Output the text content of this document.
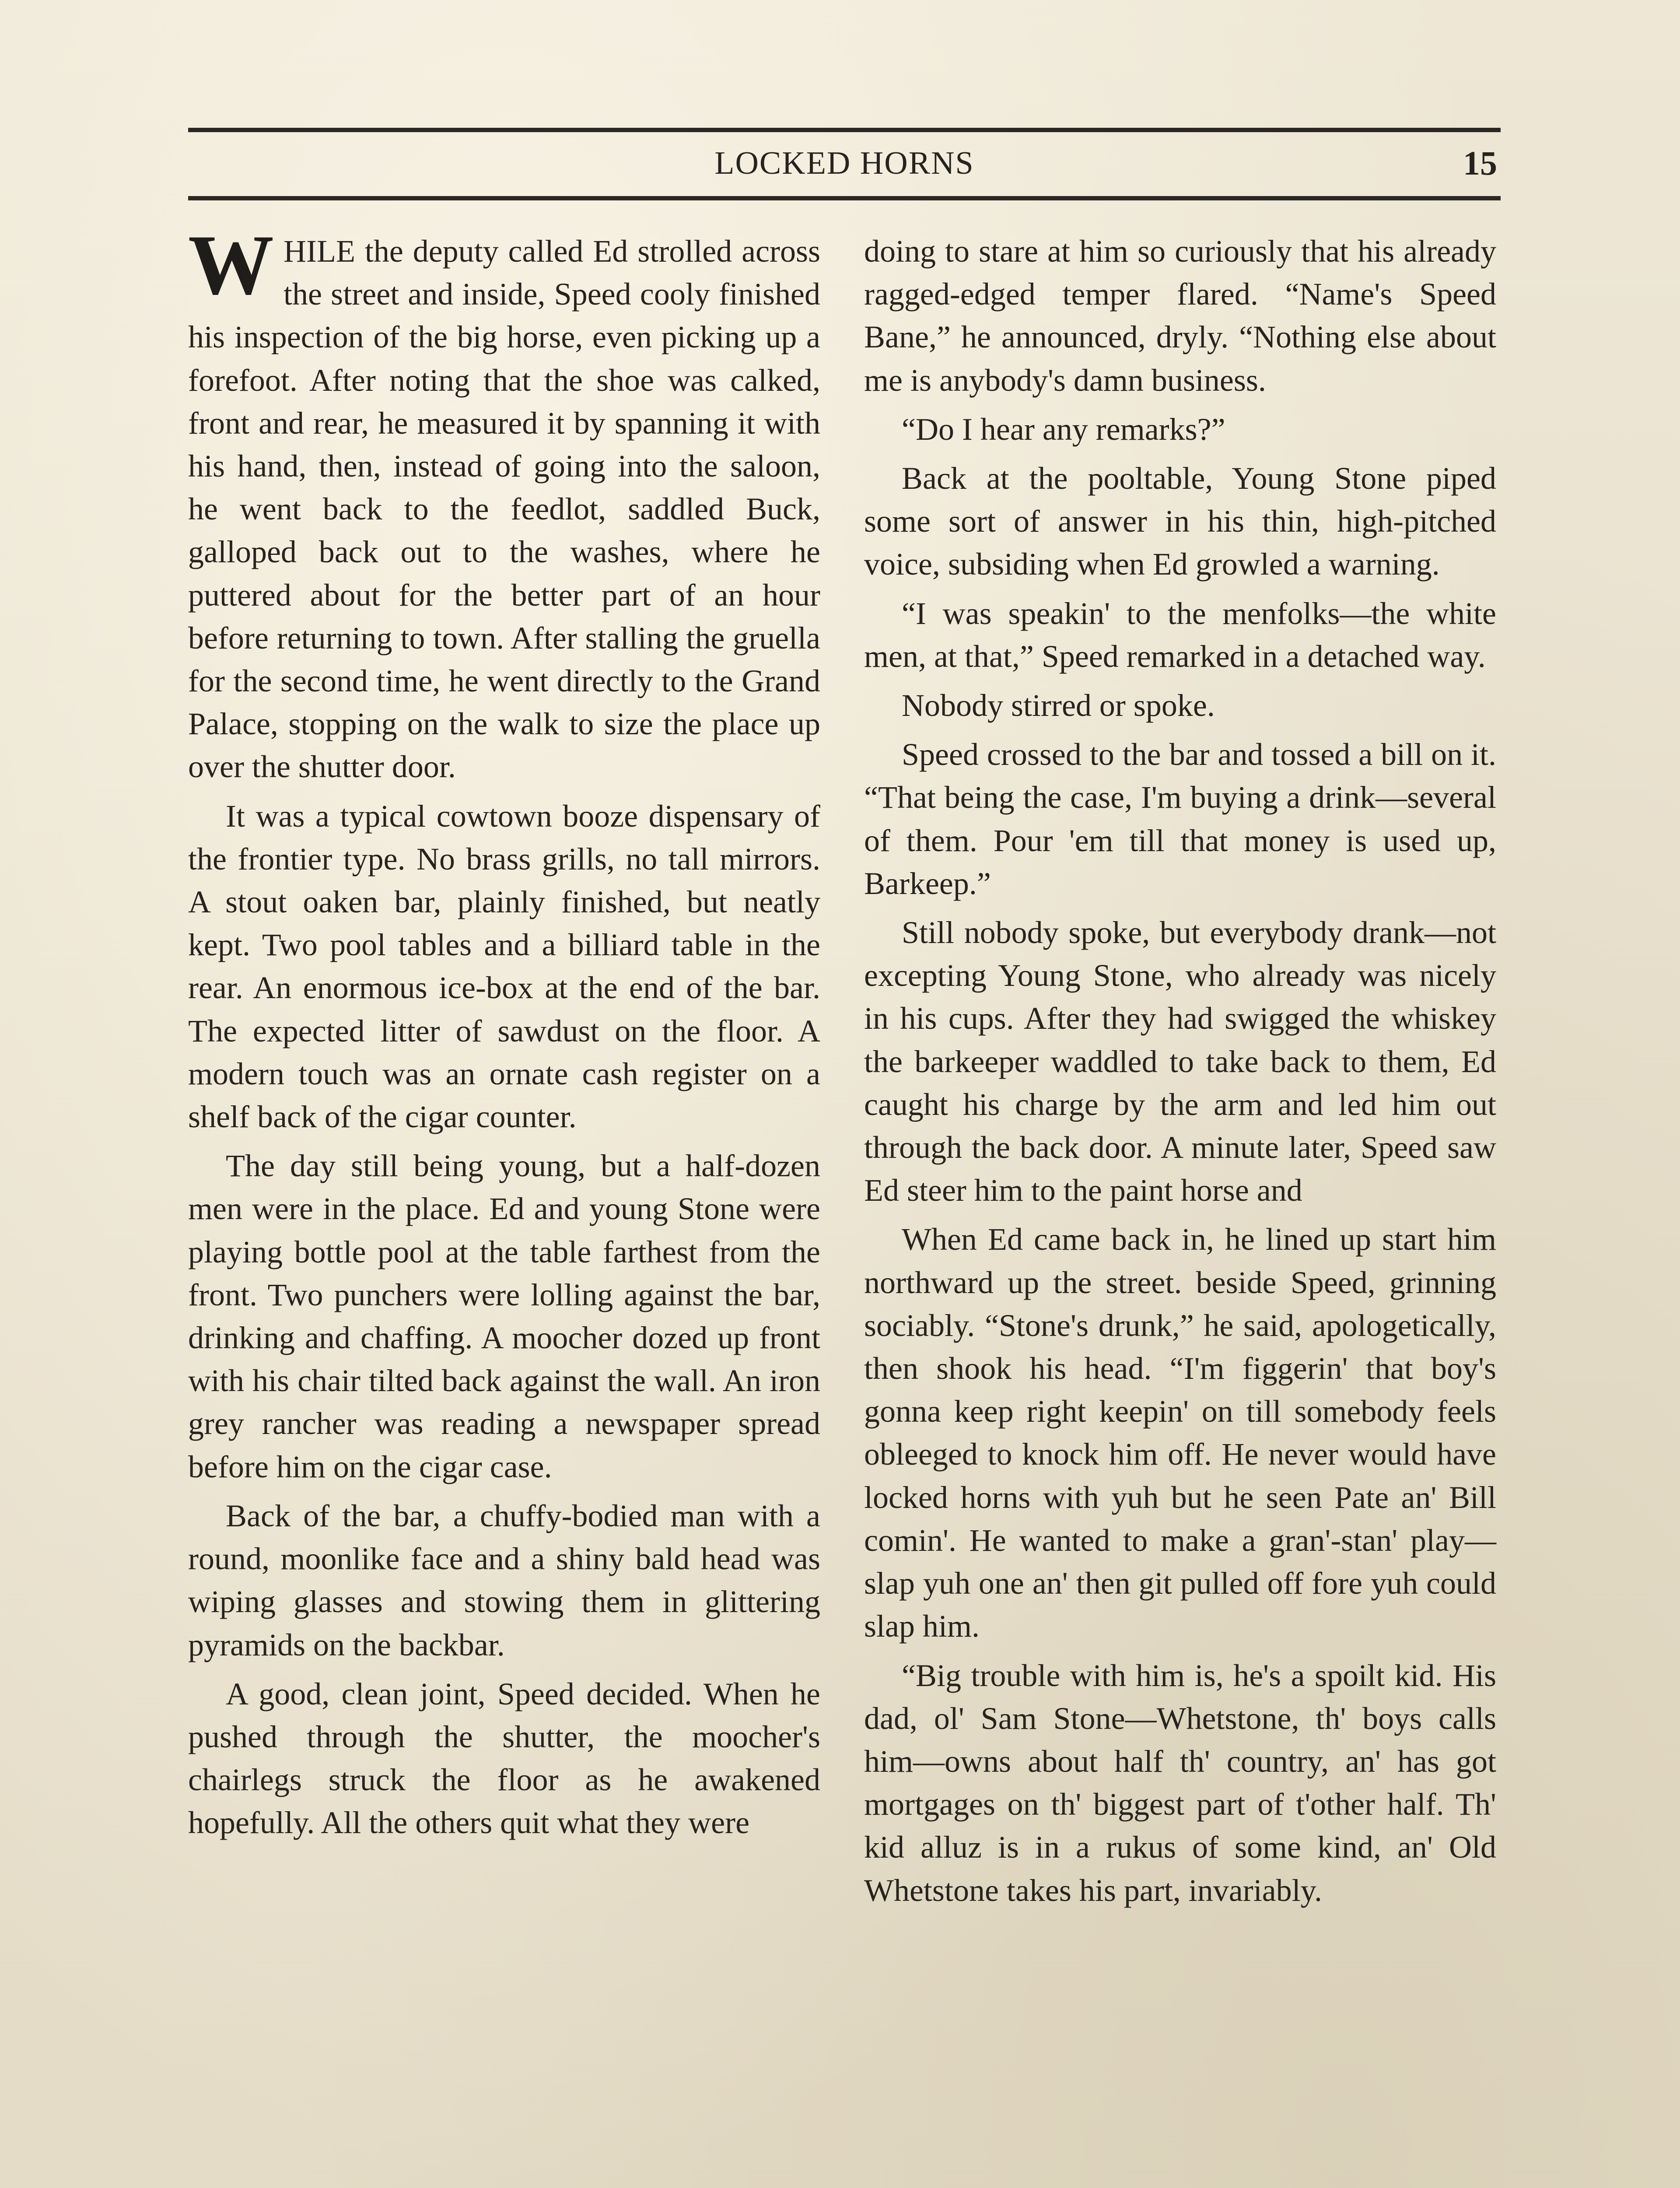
LOCKED HORNS	15

WHILE the deputy called Ed strolled across the street and inside, Speed cooly finished his inspection of the big horse, even picking up a forefoot. After noting that the shoe was calked, front and rear, he measured it by spanning it with his hand, then, instead of going into the saloon, he went back to the feedlot, saddled Buck, galloped back out to the washes, where he puttered about for the better part of an hour before returning to town. After stalling the gruella for the second time, he went directly to the Grand Palace, stopping on the walk to size the place up over the shutter door.

It was a typical cowtown booze dispensary of the frontier type. No brass grills, no tall mirrors. A stout oaken bar, plainly finished, but neatly kept. Two pool tables and a billiard table in the rear. An enormous ice-box at the end of the bar. The expected litter of sawdust on the floor. A modern touch was an ornate cash register on a shelf back of the cigar counter.

The day still being young, but a half-dozen men were in the place. Ed and young Stone were playing bottle pool at the table farthest from the front. Two punchers were lolling against the bar, drinking and chaffing. A moocher dozed up front with his chair tilted back against the wall. An iron grey rancher was reading a newspaper spread before him on the cigar case.

Back of the bar, a chuffy-bodied man with a round, moonlike face and a shiny bald head was wiping glasses and stowing them in glittering pyramids on the backbar.

A good, clean joint, Speed decided. When he pushed through the shutter, the moocher's chairlegs struck the floor as he awakened hopefully. All the others quit what they were

doing to stare at him so curiously that his already ragged-edged temper flared. “Name's Speed Bane,” he announced, dryly. “Nothing else about me is anybody's damn business.

“Do I hear any remarks?”

Back at the pooltable, Young Stone piped some sort of answer in his thin, high-pitched voice, subsiding when Ed growled a warning.

“I was speakin' to the menfolks—the white men, at that,” Speed remarked in a detached way.

Nobody stirred or spoke.

Speed crossed to the bar and tossed a bill on it. “That being the case, I'm buying a drink—several of them. Pour 'em till that money is used up, Barkeep.”

Still nobody spoke, but everybody drank—not excepting Young Stone, who already was nicely in his cups. After they had swigged the whiskey the barkeeper waddled to take back to them, Ed caught his charge by the arm and led him out through the back door. A minute later, Speed saw Ed steer him to the paint horse and

When Ed came back in, he lined up start him northward up the street. beside Speed, grinning sociably. “Stone's drunk,” he said, apologetically, then shook his head. “I'm figgerin' that boy's gonna keep right keepin' on till somebody feels obleeged to knock him off. He never would have locked horns with yuh but he seen Pate an' Bill comin'. He wanted to make a gran'-stan' play—slap yuh one an' then git pulled off fore yuh could slap him.

“Big trouble with him is, he's a spoilt kid. His dad, ol' Sam Stone—Whetstone, th' boys calls him—owns about half th' country, an' has got mortgages on th' biggest part of t'other half. Th' kid alluz is in a rukus of some kind, an' Old Whetstone takes his part, invariably.
